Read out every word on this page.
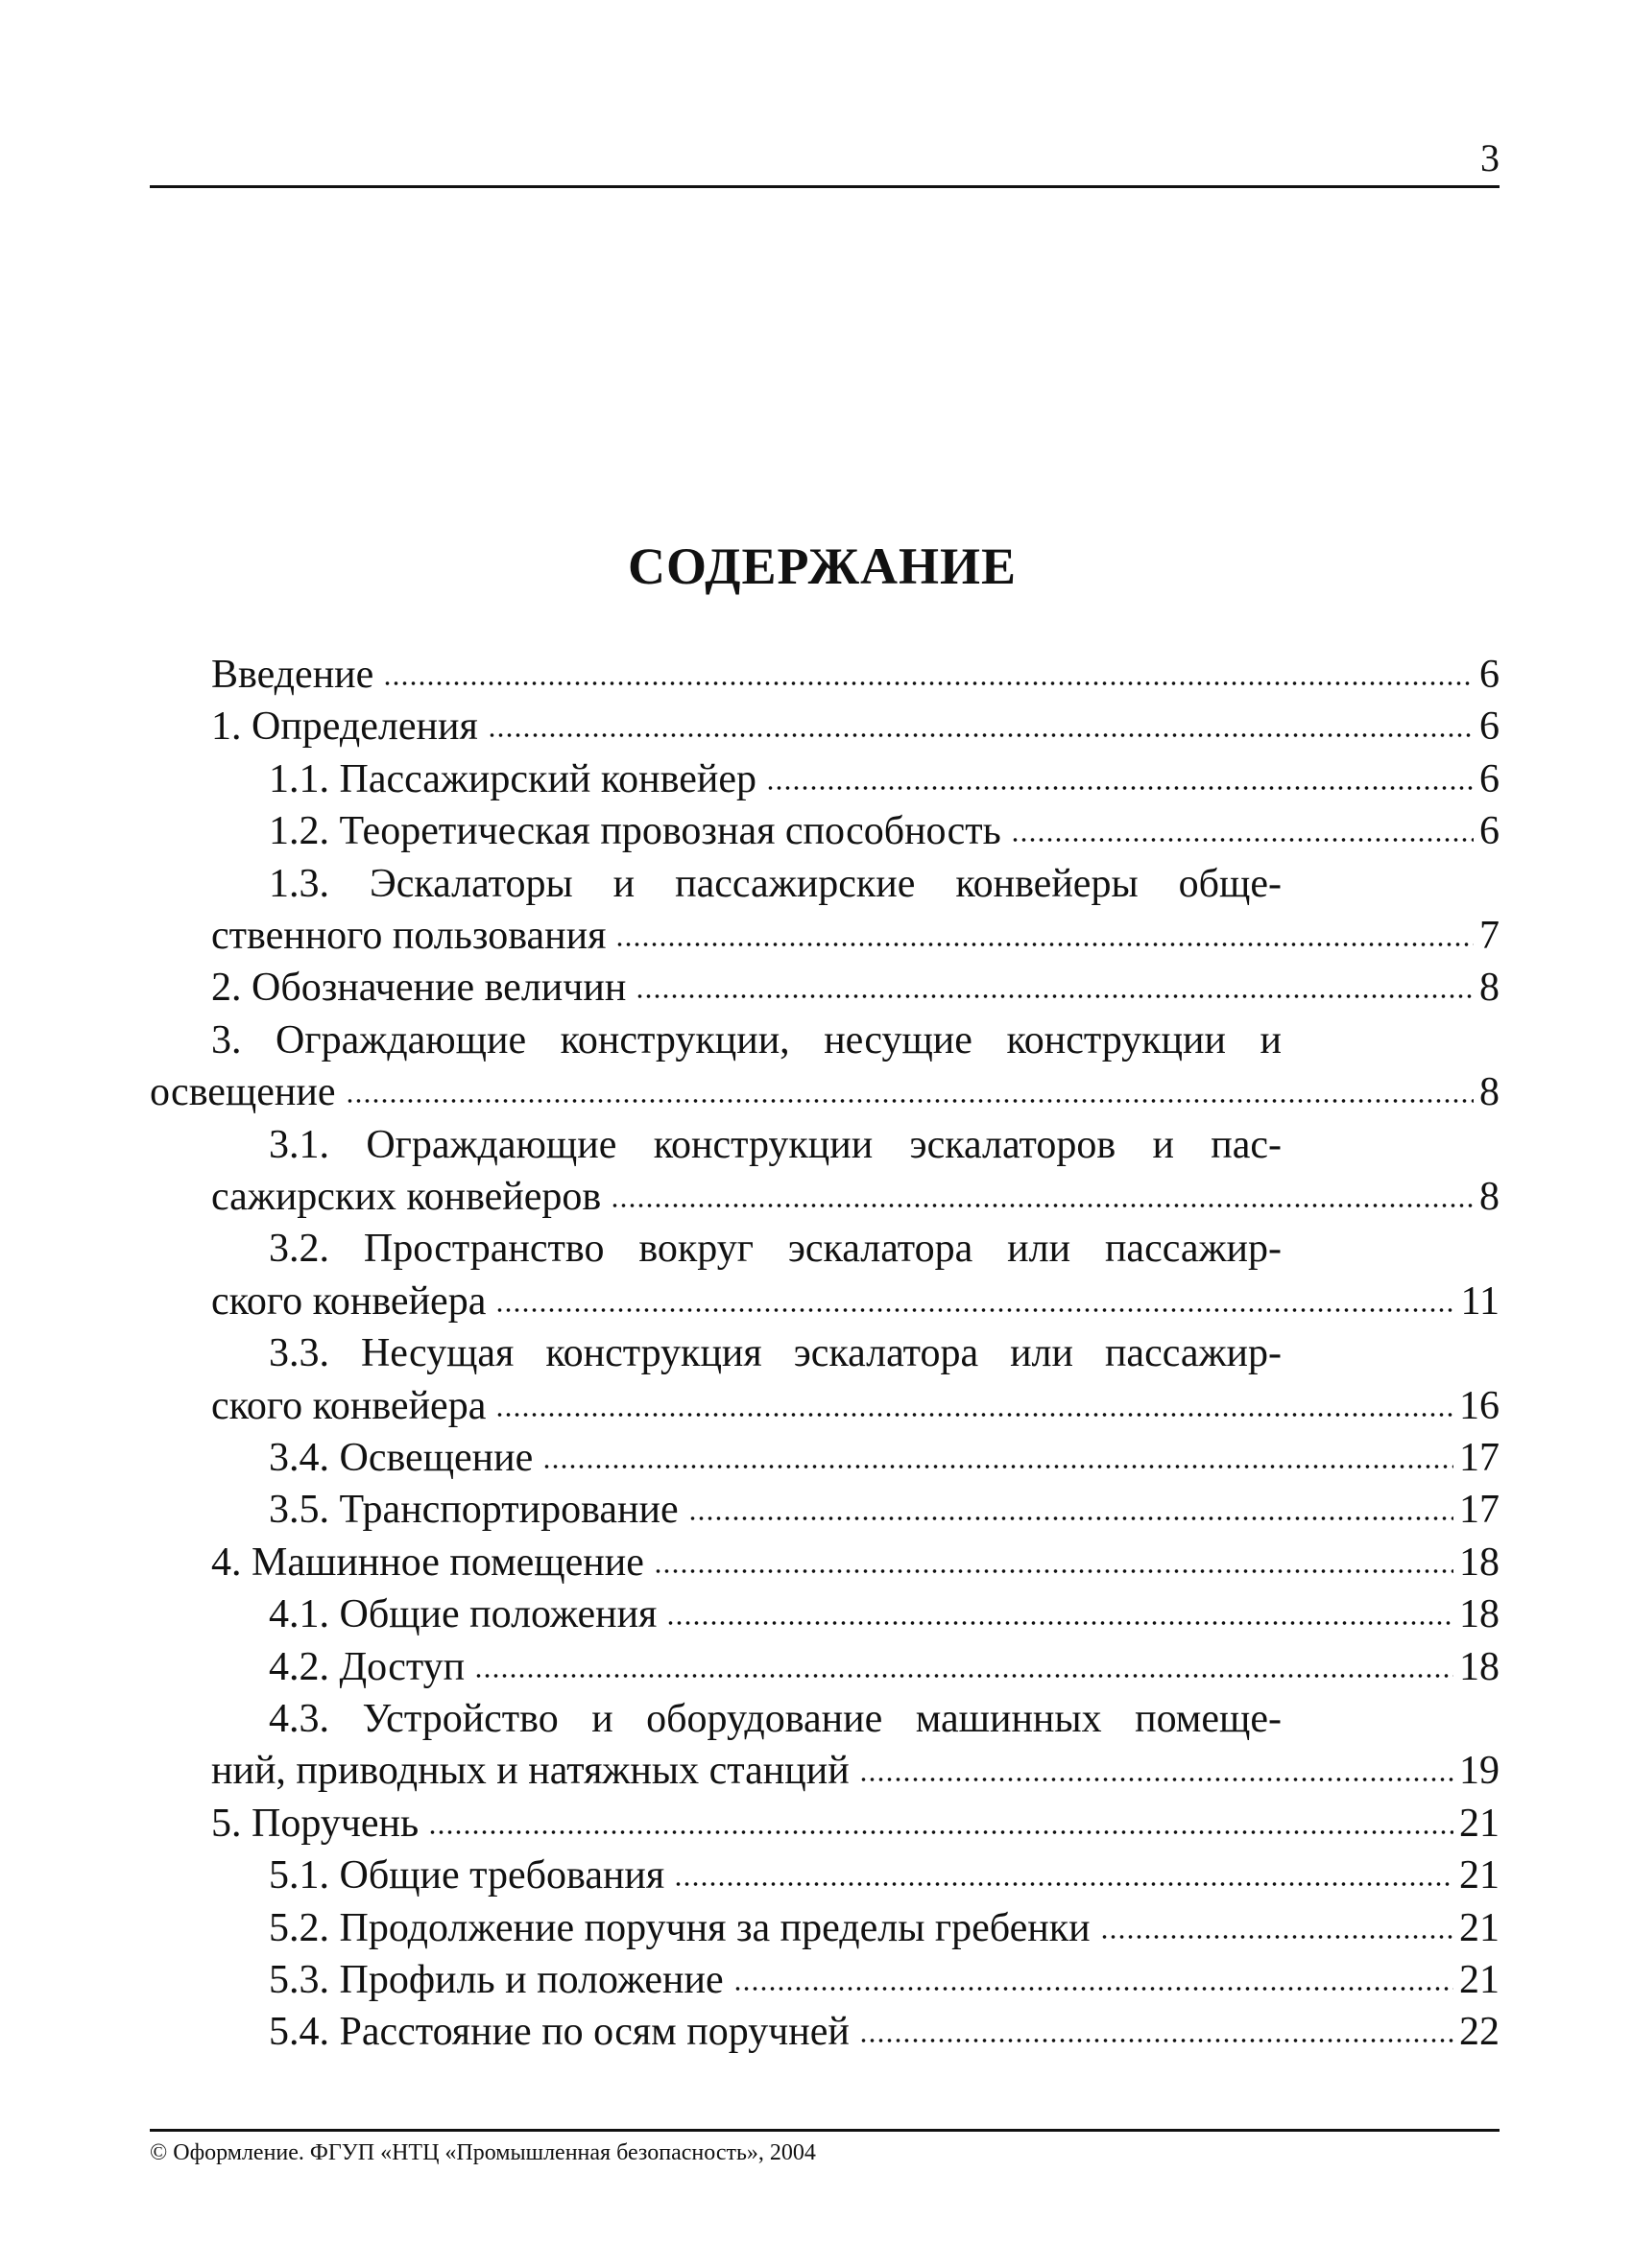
3
СОДЕРЖАНИЕ
Введение	6
1. Определения	6
1.1. Пассажирский конвейер	6
1.2. Теоретическая провозная способность	6
1.3. Эскалаторы и пассажирские конвейеры обще-
ственного пользования	7
2. Обозначение величин	8
3. Ограждающие конструкции, несущие конструкции и
освещение	8
3.1. Ограждающие конструкции эскалаторов и пас-
сажирских конвейеров	8
3.2. Пространство вокруг эскалатора или пассажир-
ского конвейера	11
3.3. Несущая конструкция эскалатора или пассажир-
ского конвейера	16
3.4. Освещение	17
3.5. Транспортирование	17
4. Машинное помещение	18
4.1. Общие положения	18
4.2. Доступ	18
4.3. Устройство и оборудование машинных помеще-
ний, приводных и натяжных станций	19
5. Поручень	21
5.1. Общие требования	21
5.2. Продолжение поручня за пределы гребенки	21
5.3. Профиль и положение	21
5.4. Расстояние по осям поручней	22
© Оформление. ФГУП «НТЦ «Промышленная безопасность», 2004
